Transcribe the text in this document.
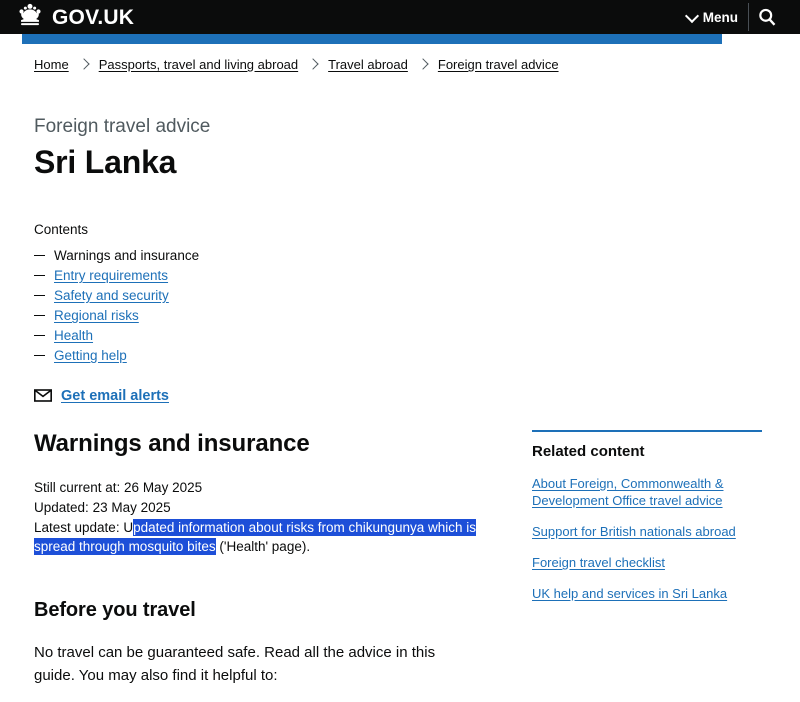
GOV.UK	Menu
Home Passports, travel and living abroad Travel abroad Foreign travel advice
Foreign travel advice
Sri Lanka
Contents
Warnings and insurance
Entry requirements
Safety and security
Regional risks
Health
Getting help
Get email alerts
Warnings and insurance
Still current at: 26 May 2025
Updated: 23 May 2025
Latest update: Updated information about risks from chikungunya which is spread through mosquito bites ('Health' page).
Before you travel

No travel can be guaranteed safe. Read all the advice in this guide. You may also find it helpful to:

Related content
About Foreign, Commonwealth & Development Office travel advice
Support for British nationals abroad
Foreign travel checklist
UK help and services in Sri Lanka
